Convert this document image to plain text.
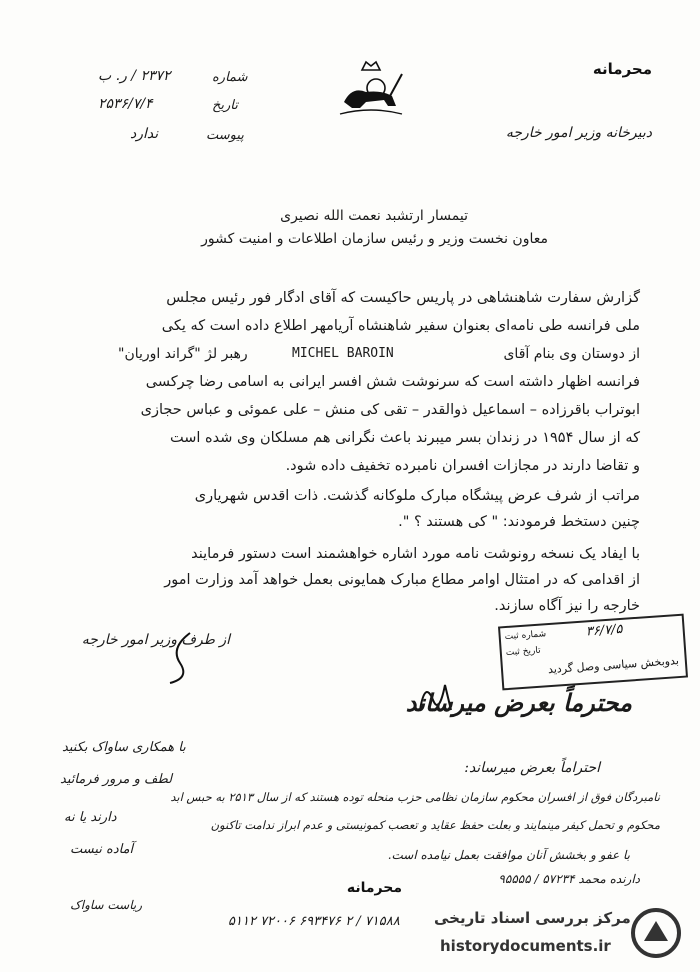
محرمانه
دبیرخانه وزیر امور خارجه
شماره
۲۳۷۲ / ر. ب
تاریخ
۲۵۳۶/۷/۴
پیوست
ندارد
تیمسار ارتشبد نعمت الله نصیری
معاون نخست وزیر و رئیس سازمان اطلاعات و امنیت کشور
گزارش سفارت شاهنشاهی در پاریس حاکیست که آقای ادگار فور رئیس مجلس
ملی فرانسه طی نامه‌ای بعنوان سفیر شاهنشاه آریامهر اطلاع داده است که یکی
از دوستان وی بنام آقای
MICHEL BAROIN
رهبر لژ "گراند اوریان"
فرانسه اظهار داشته است که سرنوشت شش افسر ایرانی به اسامی رضا چرکسی
ابوتراب باقرزاده – اسماعیل ذوالقدر – تقی کی منش – علی عموئی و عباس حجازی
که از سال ۱۹۵۴ در زندان بسر میبرند باعث نگرانی هم مسلکان وی شده است
و تقاضا دارند در مجازات افسران نامبرده تخفیف داده شود.
مراتب از شرف عرض پیشگاه مبارک ملوکانه گذشت. ذات اقدس شهریاری
چنین دستخط فرمودند: " کی هستند ؟ ".
با ایفاد یک نسخه رونوشت نامه مورد اشاره خواهشمند است دستور فرمایند
از اقدامی که در امتثال اوامر مطاع مبارک همایونی بعمل خواهد آمد وزارت امور
خارجه را نیز آگاه سازند.
از طرف وزیر امور خارجه
۳۶/۷/۵
شماره ثبت
تاریخ ثبت
بدوبخش سیاسی وصل گردید
محترماً بعرض میرساند
با همکاری ساواک بکنید
لطف و مرور فرمائید
دارند یا نه
آماده نیست
احتراماً بعرض میرساند:
نامبردگان فوق از افسران محکوم سازمان نظامی حزب منحله توده هستند که از سال ۲۵۱۳ به حبس ابد
محکوم و تحمل کیفر مینمایند و بعلت حفظ عقاید و تعصب کمونیستی و عدم ابراز ندامت تاکنون
با عفو و بخشش آنان موافقت بعمل نیامده است.
دارنده محمد ۵۷۲۳۴ / ۹۵۵۵۵
محرمانه
ریاست ساواک
۷۱۵۸۸ / ۲ ۶۹۳۴۷۶ ۷۲۰۰۶ ۵۱۱۲ مرکز بررسی اسناد تاریخی
historydocuments.ir
